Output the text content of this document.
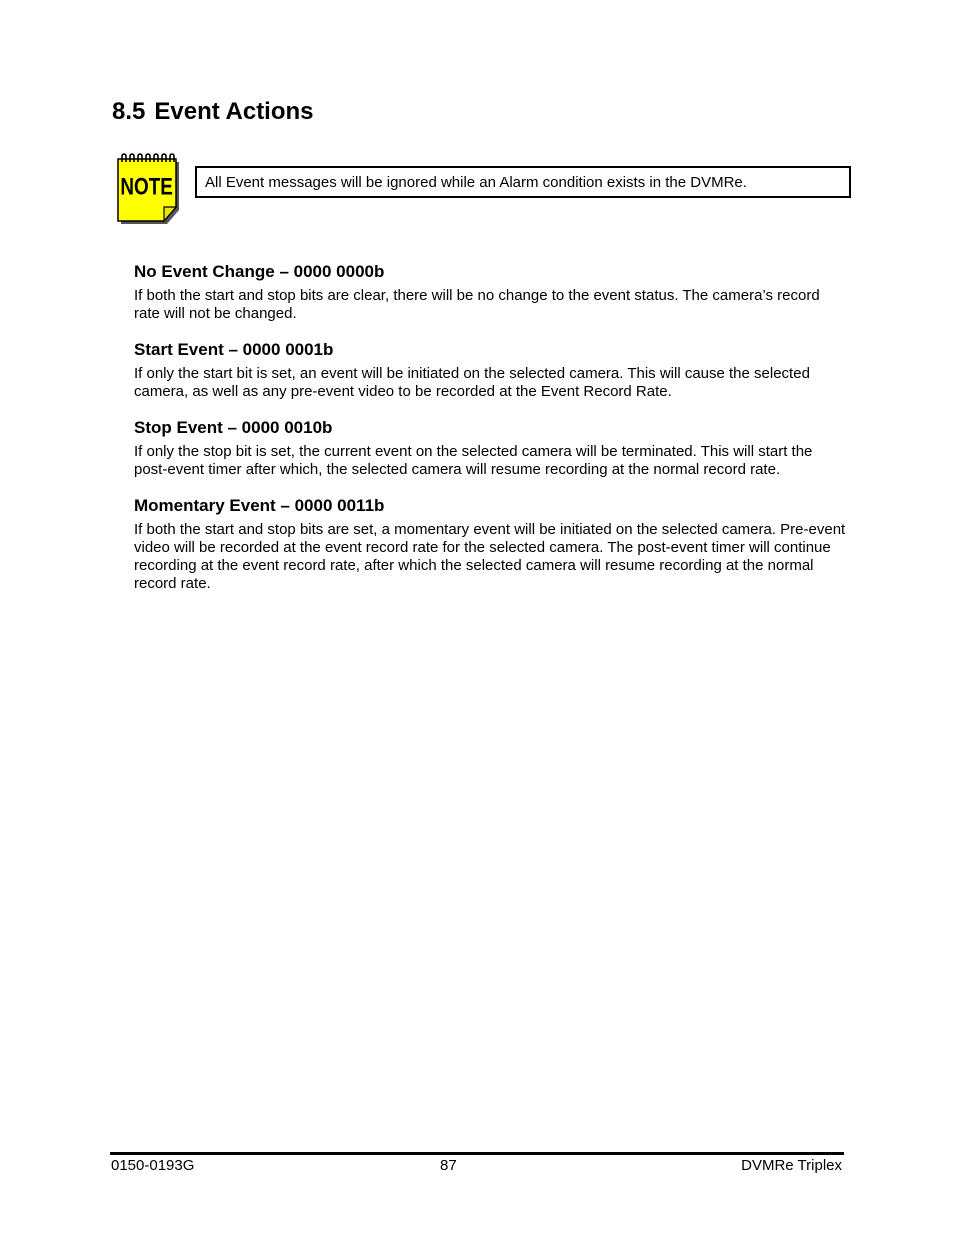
8.5 Event Actions
NOTE	All Event messages will be ignored while an Alarm condition exists in the DVMRe.
No Event Change – 0000 0000b

If both the start and stop bits are clear, there will be no change to the event status. The camera’s record rate will not be changed.

Start Event – 0000 0001b

If only the start bit is set, an event will be initiated on the selected camera. This will cause the selected camera, as well as any pre-event video to be recorded at the Event Record Rate.

Stop Event – 0000 0010b

If only the stop bit is set, the current event on the selected camera will be terminated. This will start the post-event timer after which, the selected camera will resume recording at the normal record rate.

Momentary Event – 0000 0011b

If both the start and stop bits are set, a momentary event will be initiated on the selected camera. Pre-event video will be recorded at the event record rate for the selected camera. The post-event timer will continue recording at the event record rate, after which the selected camera will resume recording at the normal record rate.

0150-0193G	87	DVMRe Triplex
